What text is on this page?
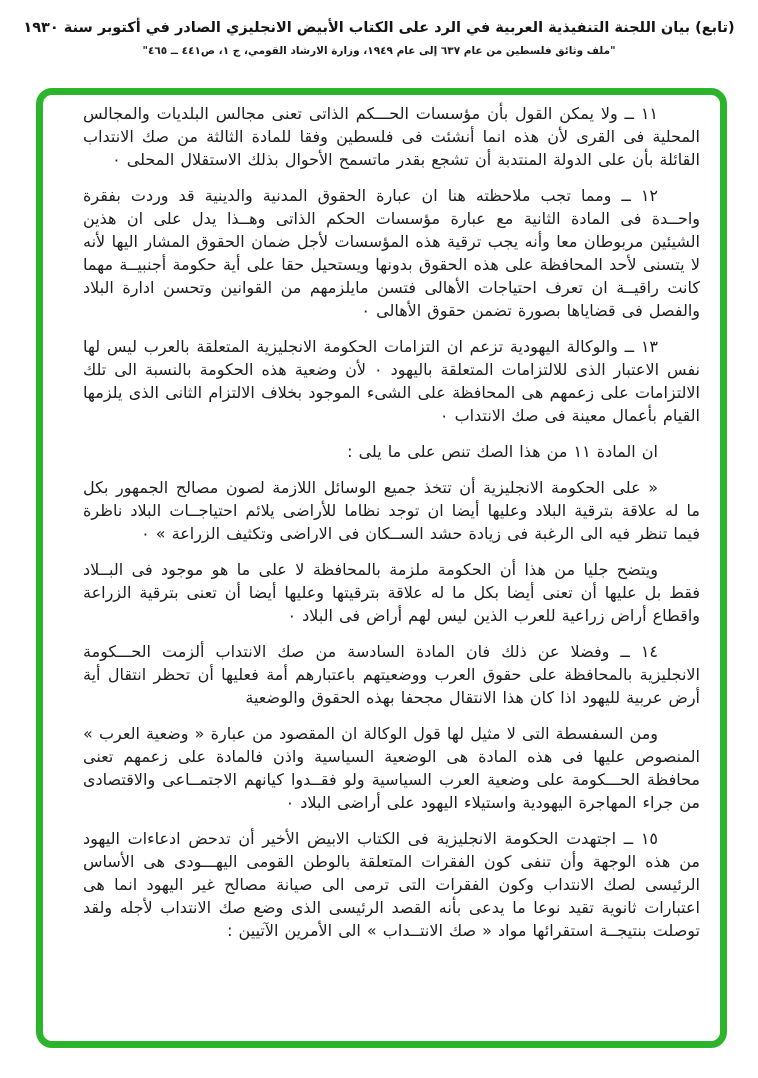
(تابع) بيان اللجنة التنفيذية العربية في الرد على الكتاب الأبيض الانجليزي الصادر في أكتوبر سنة ١٩٣٠
"ملف وثائق فلسطين من عام ٦٣٧ إلى عام ١٩٤٩، وزارة الارشاد القومي، ج ١، ص٤٤١ ــ ٤٦٥"

١١ ــ ولا يمكن القول بأن مؤسسات الحـــكم الذاتى تعنى مجالس البلديات والمجالس المحلية فى القرى لأن هذه انما أنشئت فى فلسطين وفقا للمادة الثالثة من صك الانتداب القائلة بأن على الدولة المنتدبة أن تشجع بقدر ماتسمح الأحوال بذلك الاستقلال المحلى ٠

١٢ ــ ومما تجب ملاحظته هنا ان عبارة الحقوق المدنية والدينية قد وردت بفقرة واحــدة فى المادة الثانية مع عبارة مؤسسات الحكم الذاتى وهــذا يدل على ان هذين الشيئين مربوطان معا وأنه يجب ترقية هذه المؤسسات لأجل ضمان الحقوق المشار اليها لأنه لا يتسنى لأحد المحافظة على هذه الحقوق بدونها ويستحيل حقا على أية حكومة أجنبيــة مهما كانت راقيــة ان تعرف احتياجات الأهالى فتسن مايلزمهم من القوانين وتحسن ادارة البلاد والفصل فى قضاياها بصورة تضمن حقوق الأهالى ٠

١٣ ــ والوكالة اليهودية تزعم ان التزامات الحكومة الانجليزية المتعلقة بالعرب ليس لها نفس الاعتبار الذى للالتزامات المتعلقة باليهود ٠ لأن وضعية هذه الحكومة بالنسبة الى تلك الالتزامات على زعمهم هى المحافظة على الشىء الموجود بخلاف الالتزام الثانى الذى يلزمها القيام بأعمال معينة فى صك الانتداب ٠

ان المادة ١١ من هذا الصك تنص على ما يلى :

« على الحكومة الانجليزية أن تتخذ جميع الوسائل اللازمة لصون مصالح الجمهور بكل ما له علاقة بترقية البلاد وعليها أيضا ان توجد نظاما للأراضى يلائم احتياجــات البلاد ناظرة فيما تنظر فيه الى الرغبة فى زيادة حشد الســكان فى الاراضى وتكثيف الزراعة » ٠

ويتضح جليا من هذا أن الحكومة ملزمة بالمحافظة لا على ما هو موجود فى البــلاد فقط بل عليها أن تعنى أيضا بكل ما له علاقة بترقيتها وعليها أيضا أن تعنى بترقية الزراعة واقطاع أراض زراعية للعرب الذين ليس لهم أراض فى البلاد ٠

١٤ ــ وفضلا عن ذلك فان المادة السادسة من صك الانتداب ألزمت الحـــكومة الانجليزية بالمحافظة على حقوق العرب ووضعيتهم باعتبارهم أمة فعليها أن تحظر انتقال أية أرض عربية لليهود اذا كان هذا الانتقال مجحفا بهذه الحقوق والوضعية

ومن السفسطة التى لا مثيل لها قول الوكالة ان المقصود من عبارة « وضعية العرب » المنصوص عليها فى هذه المادة هى الوضعية السياسية واذن فالمادة على زعمهم تعنى محافظة الحـــكومة على وضعية العرب السياسية ولو فقــدوا كيانهم الاجتمــاعى والاقتصادى من جراء المهاجرة اليهودية واستيلاء اليهود على أراضى البلاد ٠

١٥ ــ اجتهدت الحكومة الانجليزية فى الكتاب الابيض الأخير أن تدحض ادعاءات اليهود من هذه الوجهة وأن تنفى كون الفقرات المتعلقة بالوطن القومى اليهـــودى هى الأساس الرئيسى لصك الانتداب وكون الفقرات التى ترمى الى صيانة مصالح غير اليهود انما هى اعتبارات ثانوية تقيد نوعا ما يدعى بأنه القصد الرئيسى الذى وضع صك الانتداب لأجله ولقد توصلت بنتيجــة استقرائها مواد « صك الانتــداب » الى الأمرين الآتيين :
